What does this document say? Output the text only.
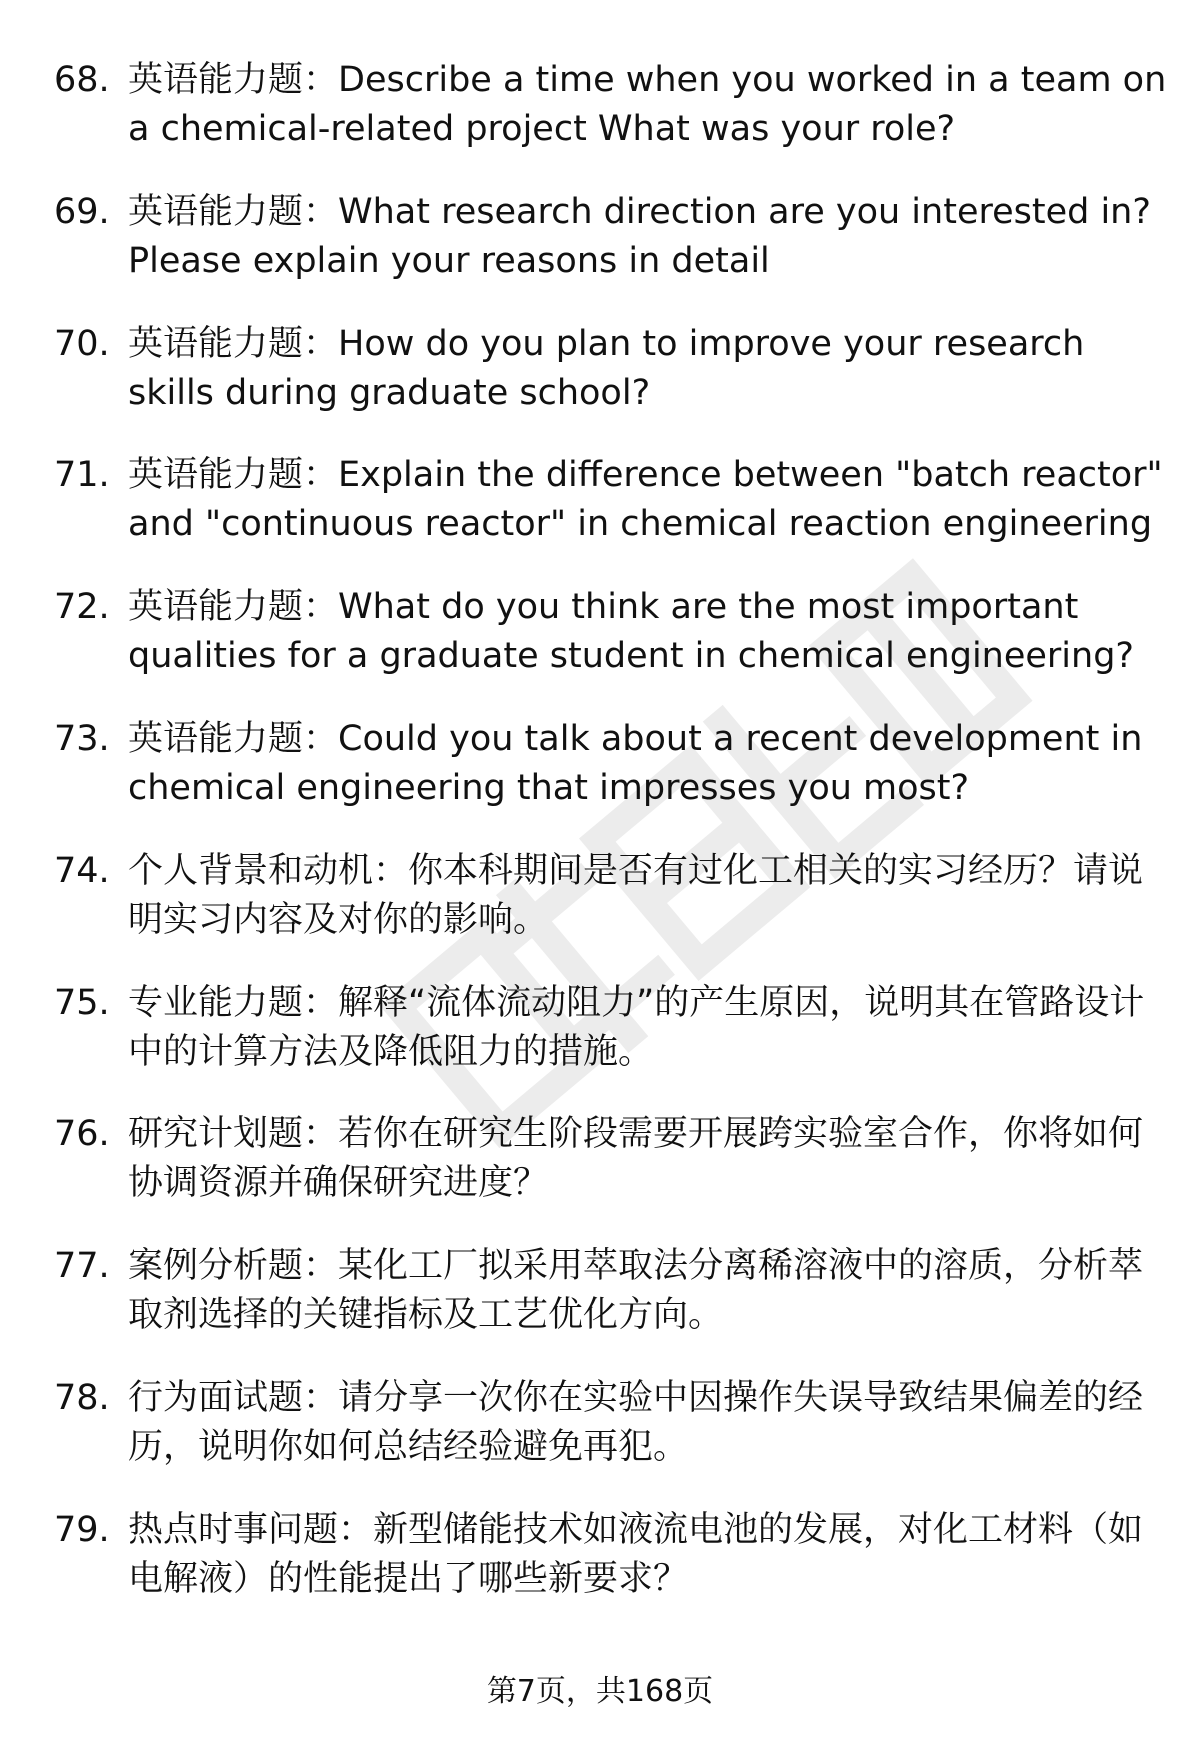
68. 英语能力题：Describe a time when you worked in a team on a chemical-related project What was your role?
69. 英语能力题：What research direction are you interested in? Please explain your reasons in detail
70. 英语能力题：How do you plan to improve your research skills during graduate school?
71. 英语能力题：Explain the difference between "batch reactor" and "continuous reactor" in chemical reaction engineering
72. 英语能力题：What do you think are the most important qualities for a graduate student in chemical engineering?
73. 英语能力题：Could you talk about a recent development in chemical engineering that impresses you most?
74. 个人背景和动机：你本科期间是否有过化工相关的实习经历？请说明实习内容及对你的影响。
75. 专业能力题：解释“流体流动阻力”的产生原因，说明其在管路设计中的计算方法及降低阻力的措施。
76. 研究计划题：若你在研究生阶段需要开展跨实验室合作，你将如何协调资源并确保研究进度？
77. 案例分析题：某化工厂拟采用萃取法分离稀溶液中的溶质，分析萃取剂选择的关键指标及工艺优化方向。
78. 行为面试题：请分享一次你在实验中因操作失误导致结果偏差的经历，说明你如何总结经验避免再犯。
79. 热点时事问题：新型储能技术如液流电池的发展，对化工材料（如电解液）的性能提出了哪些新要求？
第7页，共168页
